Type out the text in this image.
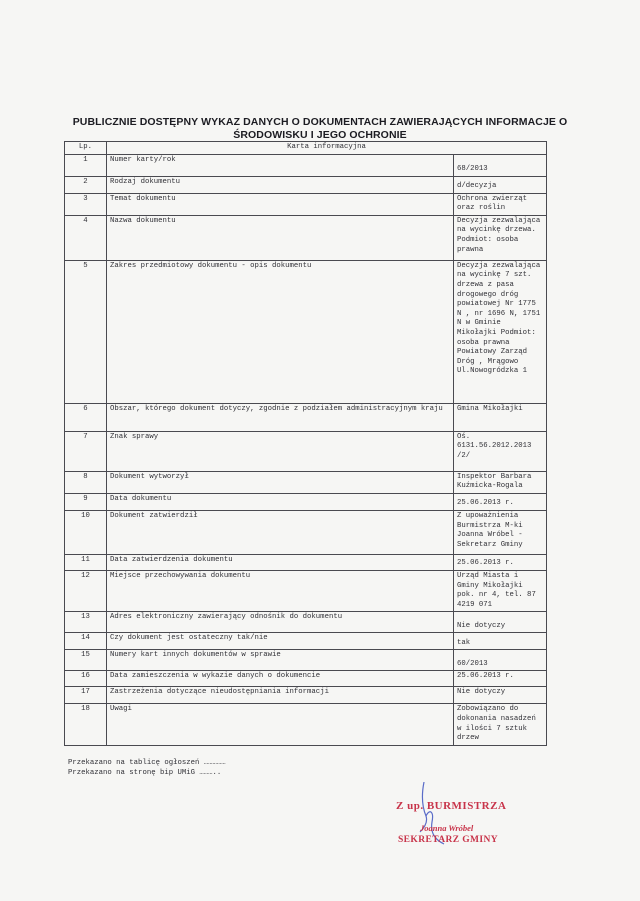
PUBLICZNIE DOSTĘPNY WYKAZ DANYCH O DOKUMENTACH ZAWIERAJĄCYCH INFORMACJE O ŚRODOWISKU I JEGO OCHRONIE
Lp.	Karta informacyjna	
1	Numer karty/rok	68/2013
2	Rodzaj dokumentu	d/decyzja
3	Temat dokumentu	Ochrona zwierząt oraz roślin
4	Nazwa dokumentu	Decyzja zezwalająca na wycinkę drzewa. Podmiot: osoba prawna
5	Zakres przedmiotowy dokumentu - opis dokumentu	Decyzja zezwalająca na wycinkę 7 szt. drzewa z pasa drogowego dróg powiatowej Nr 1775 N , nr 1696 N, 1751 N w Gminie Mikołajki Podmiot: osoba prawna Powiatowy Zarząd Dróg , Mrągowo Ul.Nowogródzka 1
6	Obszar, którego dokument dotyczy, zgodnie z podziałem administracyjnym kraju	Gmina Mikołajki
7	Znak sprawy	Oś. 6131.56.2012.2013 /2/
8	Dokument wytworzył	Inspektor Barbara Kuźmicka-Rogala
9	Data dokumentu	25.06.2013 r.
10	Dokument zatwierdził	Z upoważnienia Burmistrza M-ki Joanna Wróbel - Sekretarz Gminy
11	Data zatwierdzenia dokumentu	25.06.2013 r.
12	Miejsce przechowywania dokumentu	Urząd Miasta i Gminy Mikołajki pok. nr 4, tel. 87 4219 071
13	Adres elektroniczny zawierający odnośnik do dokumentu	Nie dotyczy
14	Czy dokument jest ostateczny tak/nie	tak
15	Numery kart innych dokumentów w sprawie	60/2013
16	Data zamieszczenia w wykazie danych o dokumencie	25.06.2013 r.
17	Zastrzeżenia dotyczące nieudostępniania informacji	Nie dotyczy
18	Uwagi	Zobowiązano do dokonania nasadzeń w ilości 7 sztuk drzew
Przekazano na tablicę ogłoszeń ……………
Przekazano na stronę bip UMiG ………..
Z up. BURMISTRZA
Joanna Wróbel
SEKRETARZ GMINY
